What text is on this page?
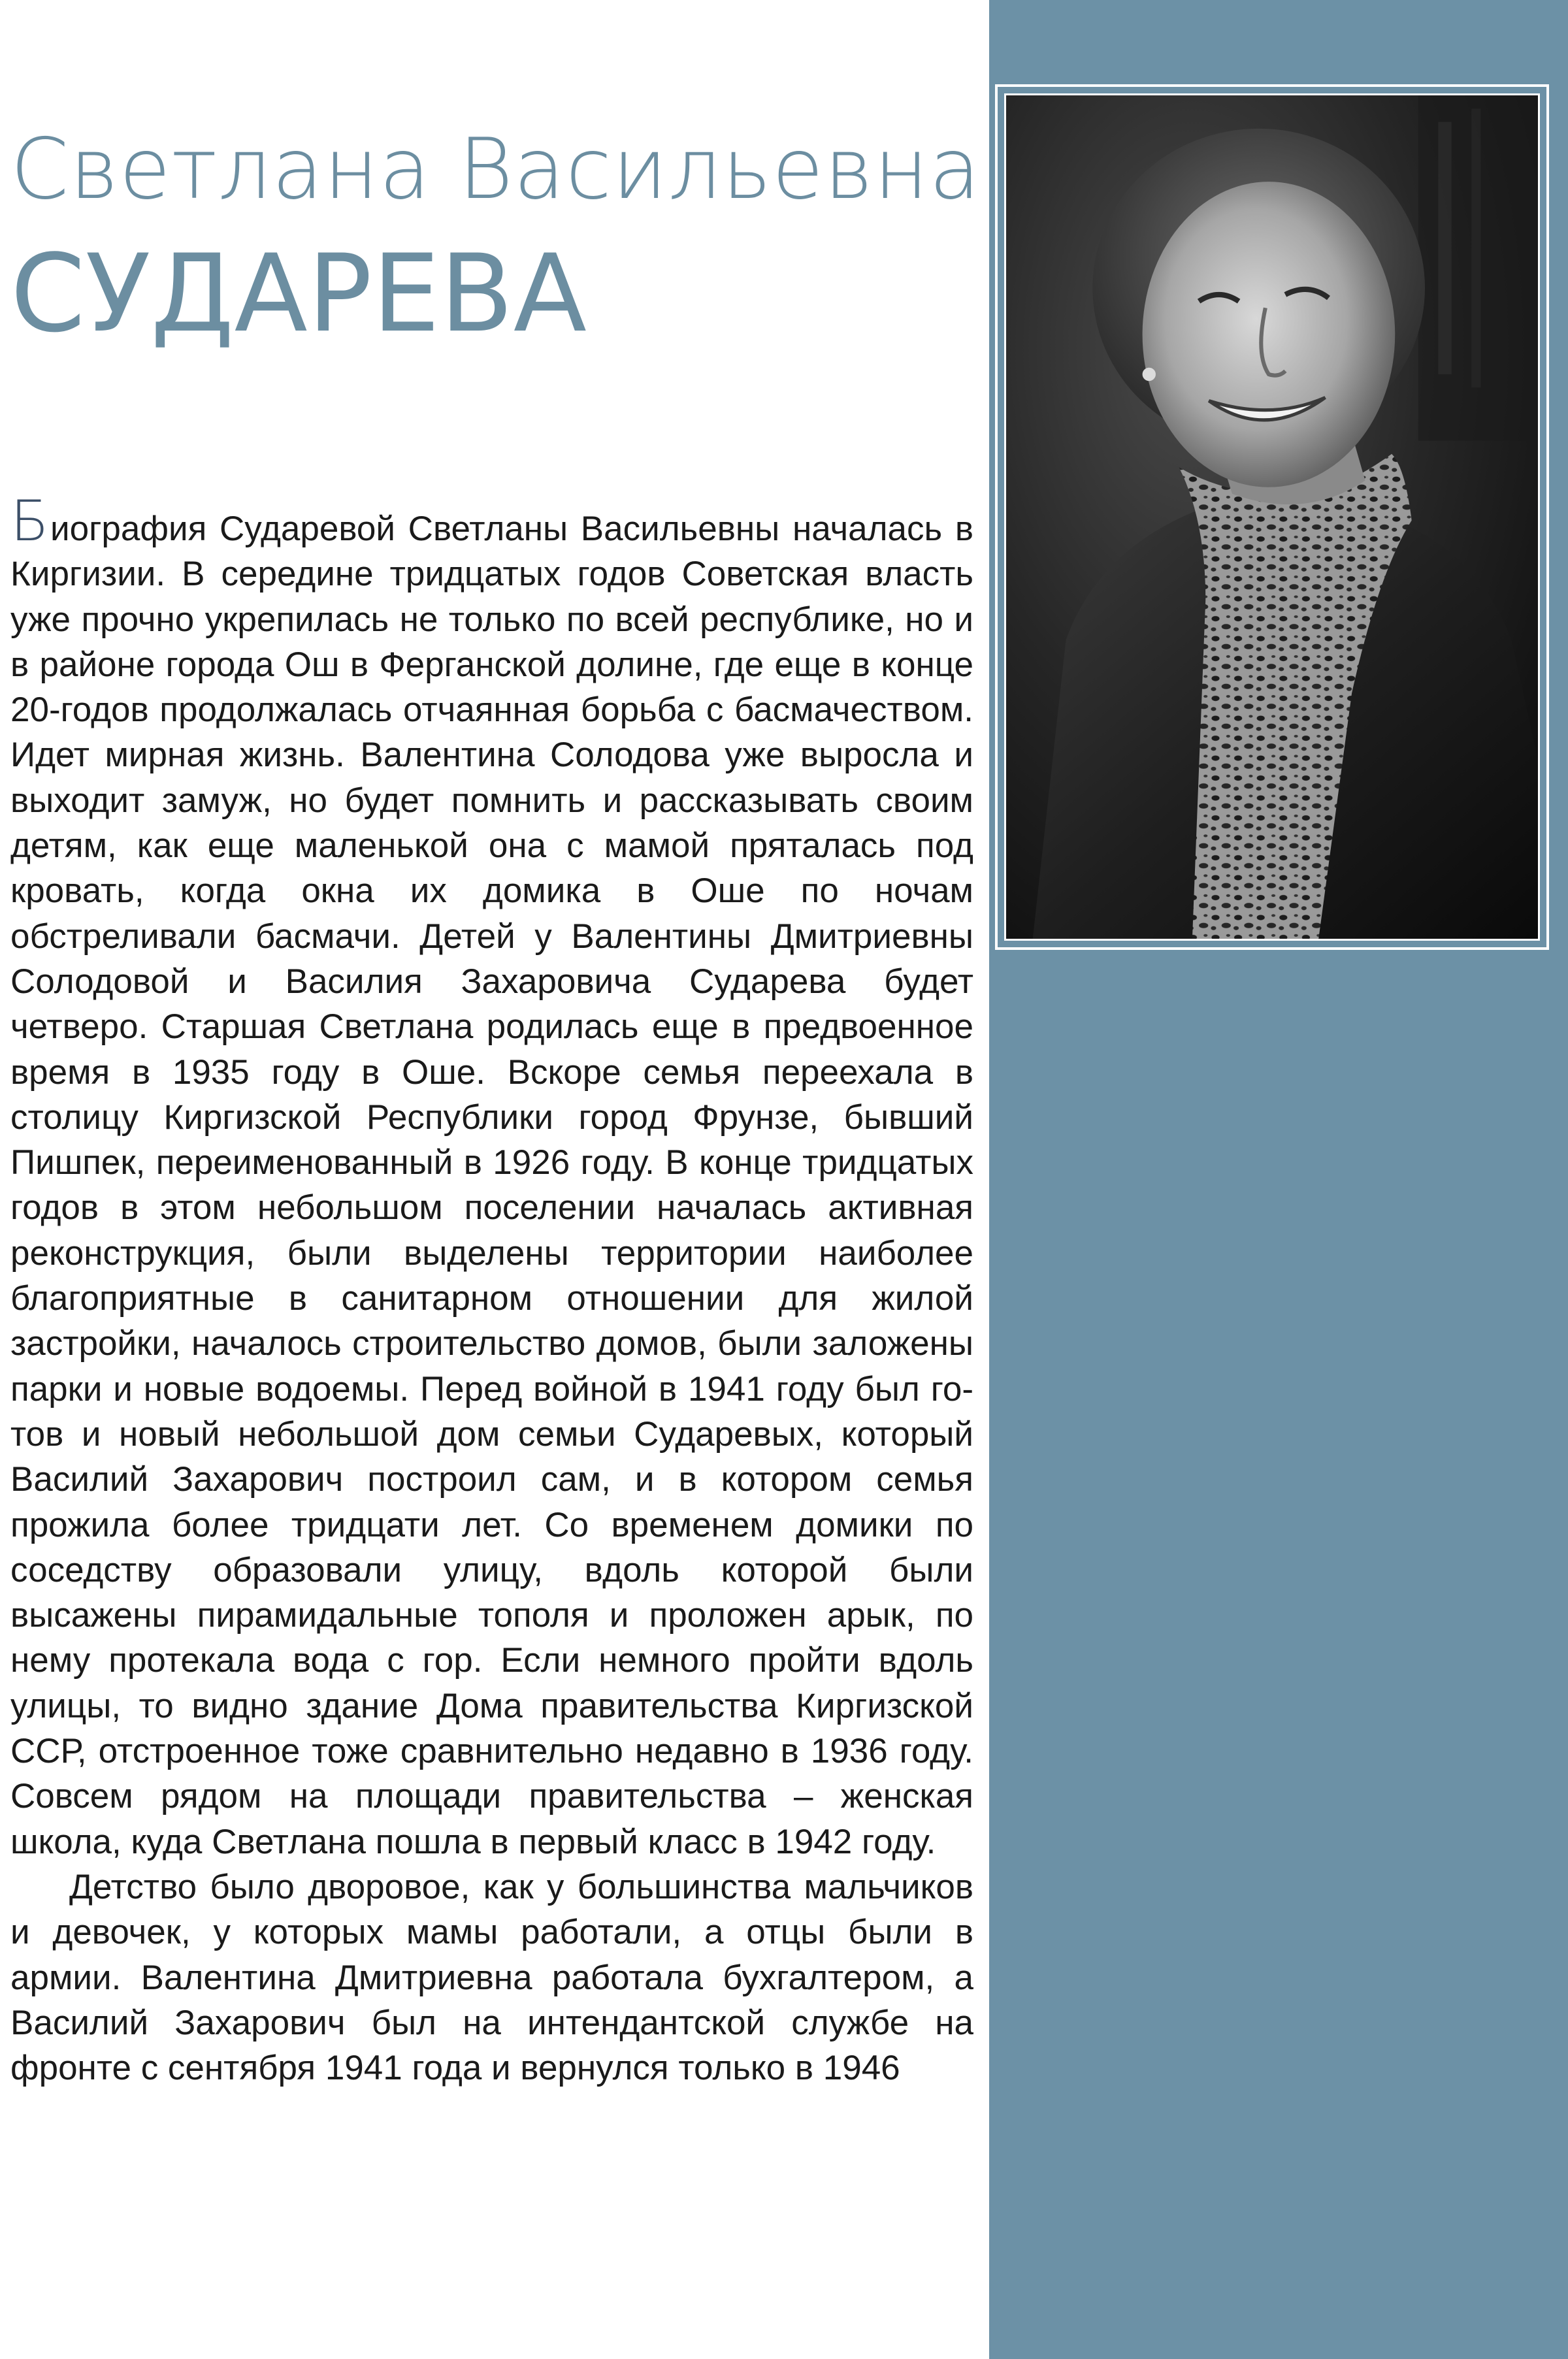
Светлана Васильевна
СУДАРЕВА

Биография Сударевой Светланы Васильевны началась в Киргизии. В середине тридцатых годов Советская власть уже прочно укрепилась не только по всей республике, но и в районе города Ош в Ферганской долине, где еще в конце 20-годов продолжалась отчаянная борьба с басмачеством. Идет мирная жизнь. Валентина Солодова уже выросла и выходит замуж, но будет помнить и рассказывать своим детям, как еще маленькой она с мамой пряталась под кровать, когда окна их домика в Оше по ночам обстреливали басмачи. Детей у Валентины Дмитриевны Солодовой и Василия Захаровича Сударева будет четверо. Старшая Светлана родилась еще в предвоенное время в 1935 году в Оше. Вскоре семья переехала в столицу Киргизской Республики город Фрунзе, бывший Пишпек, переименованный в 1926 году. В конце тридцатых годов в этом небольшом поселении началась активная реконструкция, были выделены территории наиболее благоприятные в санитарном отношении для жилой застройки, началось строительство домов, были заложены парки и новые водоемы. Перед войной в 1941 году был готов и новый небольшой дом семьи Сударевых, который Василий Захарович построил сам, и в котором семья прожила более тридцати лет. Со временем домики по соседству образовали улицу, вдоль которой были высажены пирамидальные тополя и проложен арык, по нему протекала вода с гор. Если немного пройти вдоль улицы, то видно здание Дома правительства Киргизской ССР, отстроенное тоже сравнительно недавно в 1936 году. Совсем рядом на площади правительства – женская школа, куда Светлана пошла в первый класс в 1942 году.

Детство было дворовое, как у большинства мальчиков и девочек, у которых мамы работали, а отцы были в армии. Валентина Дмитриевна работала бухгалтером, а Василий Захарович был на интендантской службе на фронте с сентября 1941 года и вернулся только в 1946
